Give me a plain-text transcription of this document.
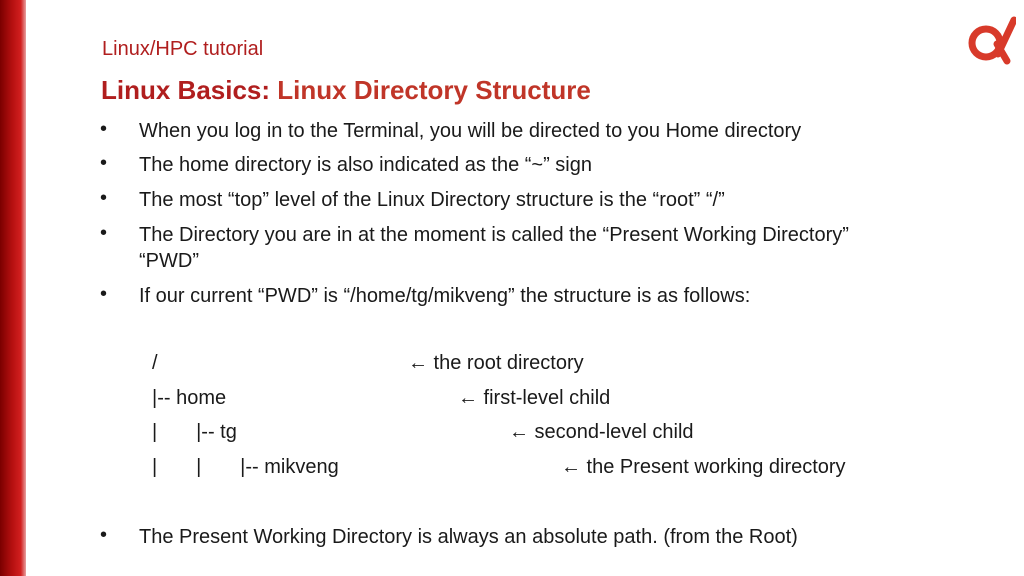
Linux/HPC tutorial
Linux Basics: Linux Directory Structure
• When you log in to the Terminal, you will be directed to you Home directory
• The home directory is also indicated as the “~” sign
• The most “top” level of the Linux Directory structure is the “root” “/”
• The Directory you are in at the moment is called the “Present Working Directory”
“PWD”
• If our current “PWD” is “/home/tg/mikveng” the structure is as follows:
/	← the root directory
|-- home	← first-level child
|       |-- tg	← second-level child
|       |       |-- mikveng	← the Present working directory
• The Present Working Directory is always an absolute path. (from the Root)
